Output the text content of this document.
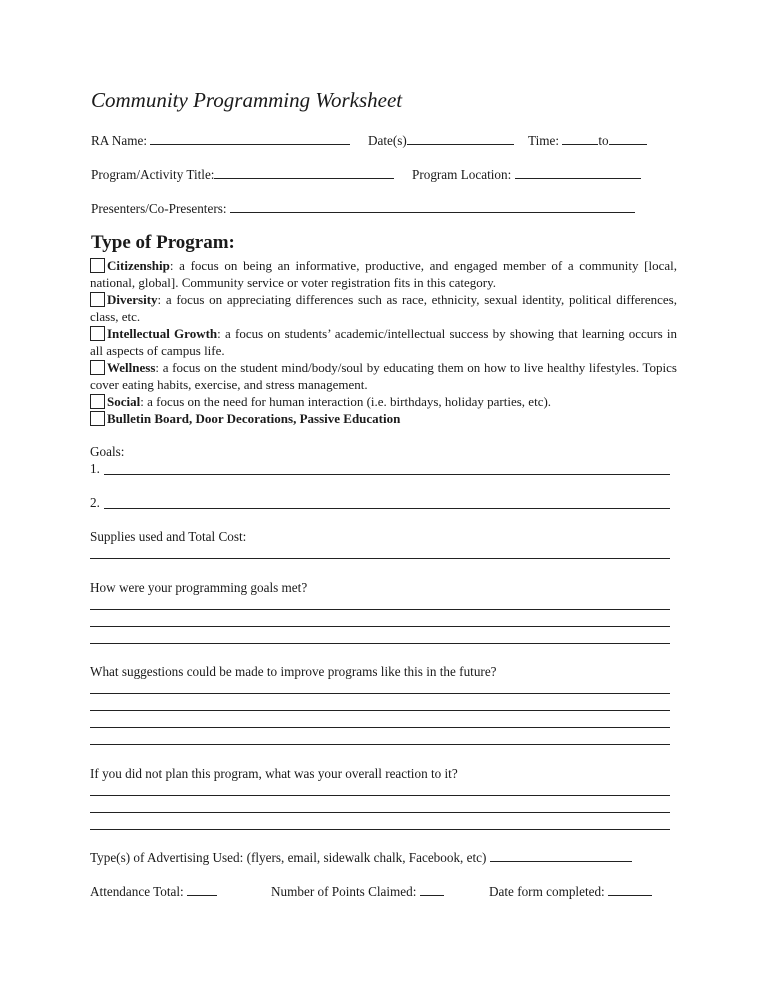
Community Programming Worksheet
RA Name:	Date(s)	Time:	to
Program/Activity Title:	Program Location:
Presenters/Co-Presenters:
Type of Program:
Citizenship: a focus on being an informative, productive, and engaged member of a community [local, national, global]. Community service or voter registration fits in this category.
Diversity: a focus on appreciating differences such as race, ethnicity, sexual identity, political differences, class, etc.
Intellectual Growth: a focus on students’ academic/intellectual success by showing that learning occurs in all aspects of campus life.
Wellness: a focus on the student mind/body/soul by educating them on how to live healthy lifestyles. Topics cover eating habits, exercise, and stress management.
Social: a focus on the need for human interaction (i.e. birthdays, holiday parties, etc).
Bulletin Board, Door Decorations, Passive Education
Goals:
1.
2.
Supplies used and Total Cost:
How were your programming goals met?
What suggestions could be made to improve programs like this in the future?
If you did not plan this program, what was your overall reaction to it?
Type(s) of Advertising Used: (flyers, email, sidewalk chalk, Facebook, etc)
Attendance Total:	Number of Points Claimed:	Date form completed:
